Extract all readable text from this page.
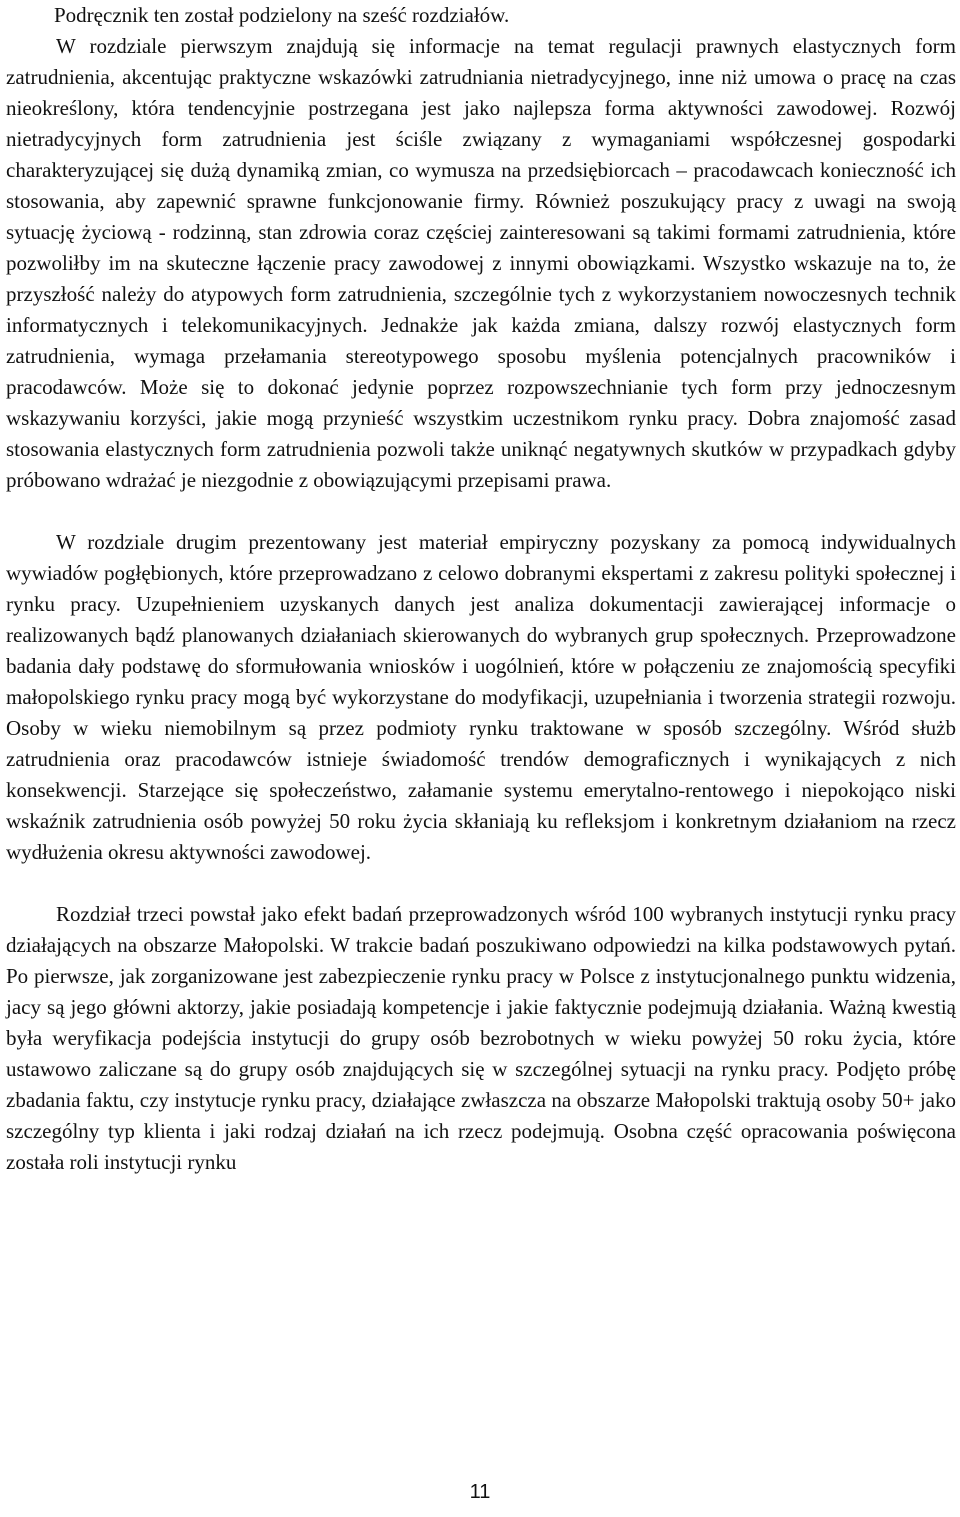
Podręcznik ten został podzielony na sześć rozdziałów.

W rozdziale pierwszym znajdują się informacje na temat regulacji prawnych elastycznych form zatrudnienia, akcentując praktyczne wskazówki zatrudniania nietradycyjnego, inne niż umowa o pracę na czas nieokreślony, która tendencyjnie postrzegana jest jako najlepsza forma aktywności zawodowej. Rozwój nietradycyjnych form zatrudnienia jest ściśle związany z wymaganiami współczesnej gospodarki charakteryzującej się dużą dynamiką zmian, co wymusza na przedsiębiorcach – pracodawcach konieczność ich stosowania, aby zapewnić sprawne funkcjonowanie firmy. Również poszukujący pracy z uwagi na swoją sytuację życiową - rodzinną, stan zdrowia coraz częściej zainteresowani są takimi formami zatrudnienia, które pozwoliłby im na skuteczne łączenie pracy zawodowej z innymi obowiązkami. Wszystko wskazuje na to, że przyszłość należy do atypowych form zatrudnienia, szczególnie tych z wykorzystaniem nowoczesnych technik informatycznych i telekomunikacyjnych. Jednakże jak każda zmiana, dalszy rozwój elastycznych form zatrudnienia, wymaga przełamania stereotypowego sposobu myślenia potencjalnych pracowników i pracodawców. Może się to dokonać jedynie poprzez rozpowszechnianie tych form przy jednoczesnym wskazywaniu korzyści, jakie mogą przynieść wszystkim uczestnikom rynku pracy. Dobra znajomość zasad stosowania elastycznych form zatrudnienia pozwoli także uniknąć negatywnych skutków w przypadkach gdyby próbowano wdrażać je niezgodnie z obowiązującymi przepisami prawa.

W rozdziale drugim prezentowany jest materiał empiryczny pozyskany za pomocą indywidualnych wywiadów pogłębionych, które przeprowadzano z celowo dobranymi ekspertami z zakresu polityki społecznej i rynku pracy. Uzupełnieniem uzyskanych danych jest analiza dokumentacji zawierającej informacje o realizowanych bądź planowanych działaniach skierowanych do wybranych grup społecznych. Przeprowadzone badania dały podstawę do sformułowania wniosków i uogólnień, które w połączeniu ze znajomością specyfiki małopolskiego rynku pracy mogą być wykorzystane do modyfikacji, uzupełniania i tworzenia strategii rozwoju. Osoby w wieku niemobilnym są przez podmioty rynku traktowane w sposób szczególny. Wśród służb zatrudnienia oraz pracodawców istnieje świadomość trendów demograficznych i wynikających z nich konsekwencji. Starzejące się społeczeństwo, załamanie systemu emerytalno-rentowego i niepokojąco niski wskaźnik zatrudnienia osób powyżej 50 roku życia skłaniają ku refleksjom i konkretnym działaniom na rzecz wydłużenia okresu aktywności zawodowej.

Rozdział trzeci powstał jako efekt badań przeprowadzonych wśród 100 wybranych instytucji rynku pracy działających na obszarze Małopolski. W trakcie badań poszukiwano odpowiedzi na kilka podstawowych pytań. Po pierwsze, jak zorganizowane jest zabezpieczenie rynku pracy w Polsce z instytucjonalnego punktu widzenia, jacy są jego główni aktorzy, jakie posiadają kompetencje i jakie faktycznie podejmują działania. Ważną kwestią była weryfikacja podejścia instytucji do grupy osób bezrobotnych w wieku powyżej 50 roku życia, które ustawowo zaliczane są do grupy osób znajdujących się w szczególnej sytuacji na rynku pracy. Podjęto próbę zbadania faktu, czy instytucje rynku pracy, działające zwłaszcza na obszarze Małopolski traktują osoby 50+ jako szczególny typ klienta i jaki rodzaj działań na ich rzecz podejmują. Osobna część opracowania poświęcona została roli instytucji rynku

11
